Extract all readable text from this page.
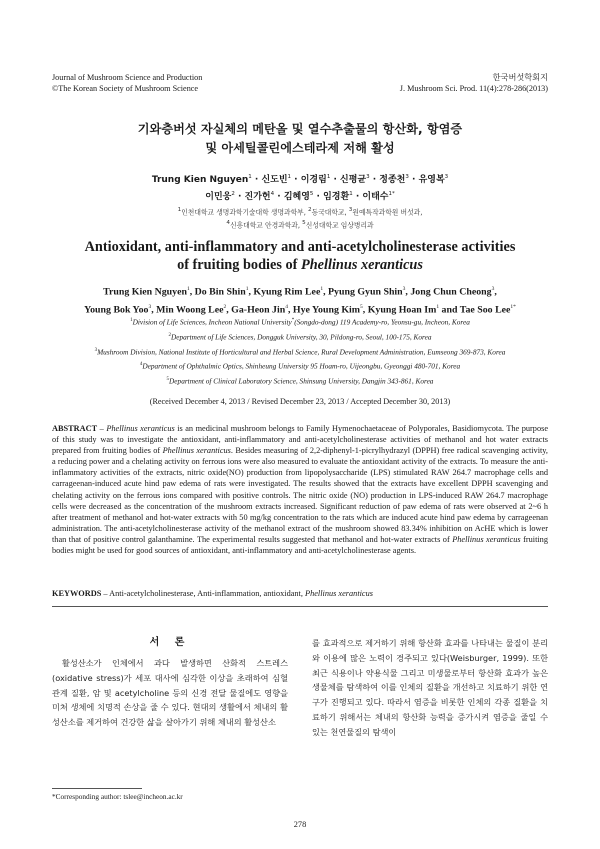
Journal of Mushroom Science and Production
©The Korean Society of Mushroom Science
한국버섯학회지
J. Mushroom Sci. Prod. 11(4):278-286(2013)
기와층버섯 자실체의 메탄올 및 열수추출물의 항산화, 항염증
및 아세틸콜린에스테라제 저해 활성
Trung Kien Nguyen$^1$ · 신도빈$^1$ · 이경림$^1$ · 신평균$^3$ · 정종천$^3$ · 유영복$^3$
이민웅$^2$ · 진가헌$^4$ · 김혜영$^5$ · 임경환$^1$ · 이태수$^{1*}$
$^1$인천대학교 생명과학기술대학 생명과학부, $^2$동국대학교, $^3$원예특작과학원 버섯과,
$^4$신흥대학교 안경과학과, $^5$신성대학교 임상병리과
Antioxidant, anti-inflammatory and anti-acetylcholinesterase activities
of fruiting bodies of Phellinus xeranticus
Trung Kien Nguyen$^1$, Do Bin Shin$^1$, Kyung Rim Lee$^1$, Pyung Gyun Shin$^3$, Jong Chun Cheong$^3$,
Young Bok Yoo$^3$, Min Woong Lee$^2$, Ga-Heon Jin$^4$, Hye Young Kim$^5$, Kyung Hoan Im$^1$ and Tae Soo Lee$^{1*}$
$^1$Division of Life Sciences, Incheon National University*(Songdo-dong) 119 Academy-ro, Yeonsu-gu, Incheon, Korea
$^2$Department of Life Sciences, Dongguk University, 30, Pildong-ro, Seoul, 100-175, Korea
$^3$Mushroom Division, National Institute of Horticultural and Herbal Science, Rural Development Administration, Eumseong 369-873, Korea
$^4$Department of Ophthalmic Optics, Shinheung University 95 Hoam-ro, Uijeongbu, Gyeonggi 480-701, Korea
$^5$Department of Clinical Laboratory Science, Shinsung University, Dangjin 343-861, Korea
(Received December 4, 2013 / Revised December 23, 2013 / Accepted December 30, 2013)
ABSTRACT – Phellinus xeranticus is an medicinal mushroom belongs to Family Hymenochaetaceae of Polyporales, Basidiomycota. The purpose of this study was to investigate the antioxidant, anti-inflammatory and anti-acetylcholinesterase activities of methanol and hot water extracts prepared from fruiting bodies of Phellinus xeranticus. Besides measuring of 2,2-diphenyl-1-picrylhydrazyl (DPPH) free radical scavenging activity, a reducing power and a chelating activity on ferrous ions were also measured to evaluate the antioxidant activity of the extracts. To measure the anti-inflammatory activities of the extracts, nitric oxide(NO) production from lipopolysaccharide (LPS) stimulated RAW 264.7 macrophage cells and carrageenan-induced acute hind paw edema of rats were investigated. The results showed that the extracts have excellent DPPH scavenging and chelating activity on the ferrous ions compared with positive controls. The nitric oxide (NO) production in LPS-induced RAW 264.7 macrophage cells were decreased as the concentration of the mushroom extracts increased. Significant reduction of paw edema of rats were observed at 2~6 h after treatment of methanol and hot-water extracts with 50 mg/kg concentration to the rats which are induced acute hind paw edema by carrageenan administration. The anti-acetylcholinesterase activity of the methanol extract of the mushroom showed 83.34% inhibition on AcHE which is lower than that of positive control galanthamine. The experimental results suggested that methanol and hot-water extracts of Phellinus xeranticus fruiting bodies might be used for good sources of antioxidant, anti-inflammatory and anti-acetylcholinesterase agents.
KEYWORDS – Anti-acetylcholinesterase, Anti-inflammation, antioxidant, Phellinus xeranticus
서 론
활성산소가 인체에서 과다 발생하면 산화적 스트레스(oxidative stress)가 세포 대사에 심각한 이상을 초래하여 심혈관계 질환, 암 및 acetylcholine 등의 신경 전달 물질에도 영향을 미쳐 생체에 치명적 손상을 줄 수 있다. 현대의 생활에서 체내의 활성산소를 제거하여 건강한 삶을 살아가기 위해 체내의 활성산소
를 효과적으로 제거하기 위해 항산화 효과를 나타내는 물질이 분리와 이용에 많은 노력이 경주되고 있다(Weisburger, 1999). 또한 최근 식용이나 약용식물 그리고 미생물로부터 항산화 효과가 높은 생물체를 탐색하여 이를 인체의 질환을 개선하고 치료하기 위한 연구가 진행되고 있다. 따라서 염증을 비롯한 인체의 각종 질환을 치료하기 위해서는 체내의 항산화 능력을 증가시켜 염증을 줄일 수 있는 천연물질의 탐색이
*Corresponding author: tslee@incheon.ac.kr
278
